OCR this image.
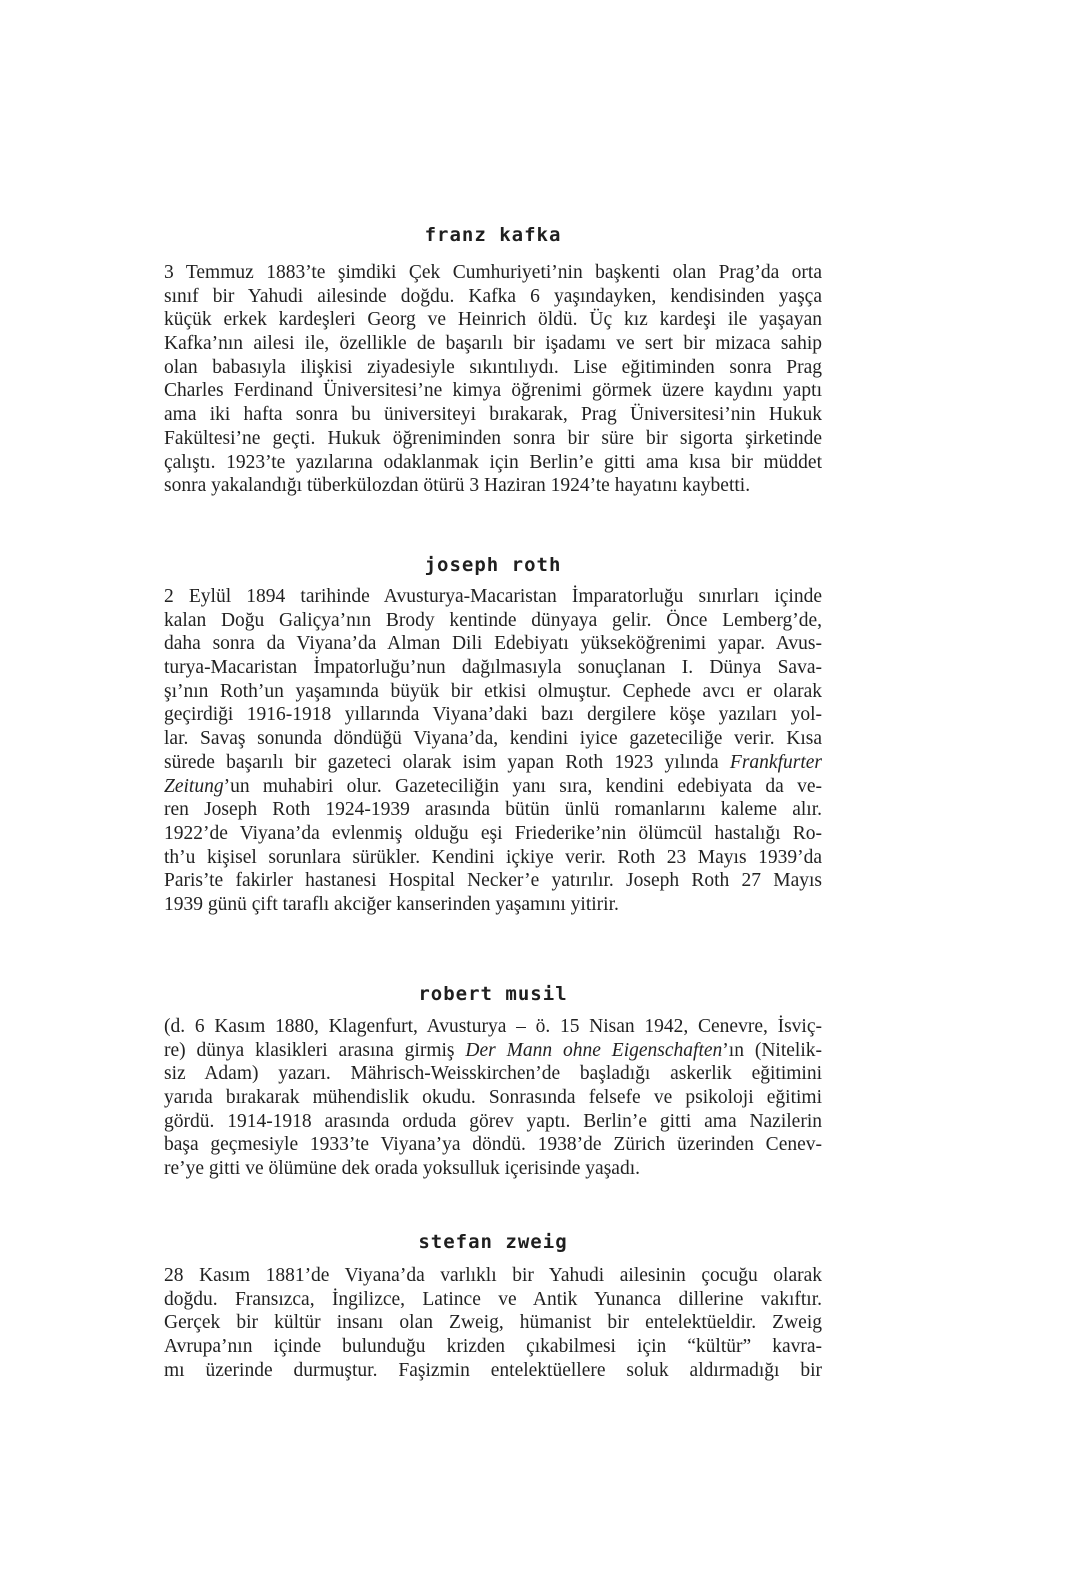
franz kafka
3 Temmuz 1883’te şimdiki Çek Cumhuriyeti’nin başkenti olan Prag’da orta
sınıf bir Yahudi ailesinde doğdu. Kafka 6 yaşındayken, kendisinden yaşça
küçük erkek kardeşleri Georg ve Heinrich öldü. Üç kız kardeşi ile yaşayan
Kafka’nın ailesi ile, özellikle de başarılı bir işadamı ve sert bir mizaca sahip
olan babasıyla ilişkisi ziyadesiyle sıkıntılıydı. Lise eğitiminden sonra Prag
Charles Ferdinand Üniversitesi’ne kimya öğrenimi görmek üzere kaydını yaptı
ama iki hafta sonra bu üniversiteyi bırakarak, Prag Üniversitesi’nin Hukuk
Fakültesi’ne geçti. Hukuk öğreniminden sonra bir süre bir sigorta şirketinde
çalıştı. 1923’te yazılarına odaklanmak için Berlin’e gitti ama kısa bir müddet
sonra yakalandığı tüberkülozdan ötürü 3 Haziran 1924’te hayatını kaybetti.
joseph roth
2 Eylül 1894 tarihinde Avusturya-Macaristan İmparatorluğu sınırları içinde
kalan Doğu Galiçya’nın Brody kentinde dünyaya gelir. Önce Lemberg’de,
daha sonra da Viyana’da Alman Dili Edebiyatı yükseköğrenimi yapar. Avus-
turya-Macaristan İmpatorluğu’nun dağılmasıyla sonuçlanan I. Dünya Sava-
şı’nın Roth’un yaşamında büyük bir etkisi olmuştur. Cephede avcı er olarak
geçirdiği 1916-1918 yıllarında Viyana’daki bazı dergilere köşe yazıları yol-
lar. Savaş sonunda döndüğü Viyana’da, kendini iyice gazeteciliğe verir. Kısa
sürede başarılı bir gazeteci olarak isim yapan Roth 1923 yılında Frankfurter
Zeitung’un muhabiri olur. Gazeteciliğin yanı sıra, kendini edebiyata da ve-
ren Joseph Roth 1924-1939 arasında bütün ünlü romanlarını kaleme alır.
1922’de Viyana’da evlenmiş olduğu eşi Friederike’nin ölümcül hastalığı Ro-
th’u kişisel sorunlara sürükler. Kendini içkiye verir. Roth 23 Mayıs 1939’da
Paris’te fakirler hastanesi Hospital Necker’e yatırılır. Joseph Roth 27 Mayıs
1939 günü çift taraflı akciğer kanserinden yaşamını yitirir.
robert musil
(d. 6 Kasım 1880, Klagenfurt, Avusturya – ö. 15 Nisan 1942, Cenevre, İsviç-
re) dünya klasikleri arasına girmiş Der Mann ohne Eigenschaften’ın (Nitelik-
siz Adam) yazarı. Mährisch-Weisskirchen’de başladığı askerlik eğitimini
yarıda bırakarak mühendislik okudu. Sonrasında felsefe ve psikoloji eğitimi
gördü. 1914-1918 arasında orduda görev yaptı. Berlin’e gitti ama Nazilerin
başa geçmesiyle 1933’te Viyana’ya döndü. 1938’de Zürich üzerinden Cenev-
re’ye gitti ve ölümüne dek orada yoksulluk içerisinde yaşadı.
stefan zweig
28 Kasım 1881’de Viyana’da varlıklı bir Yahudi ailesinin çocuğu olarak
doğdu. Fransızca, İngilizce, Latince ve Antik Yunanca dillerine vakıftır.
Gerçek bir kültür insanı olan Zweig, hümanist bir entelektüeldir. Zweig
Avrupa’nın içinde bulunduğu krizden çıkabilmesi için “kültür” kavra-
mı üzerinde durmuştur. Faşizmin entelektüellere soluk aldırmadığı bir
